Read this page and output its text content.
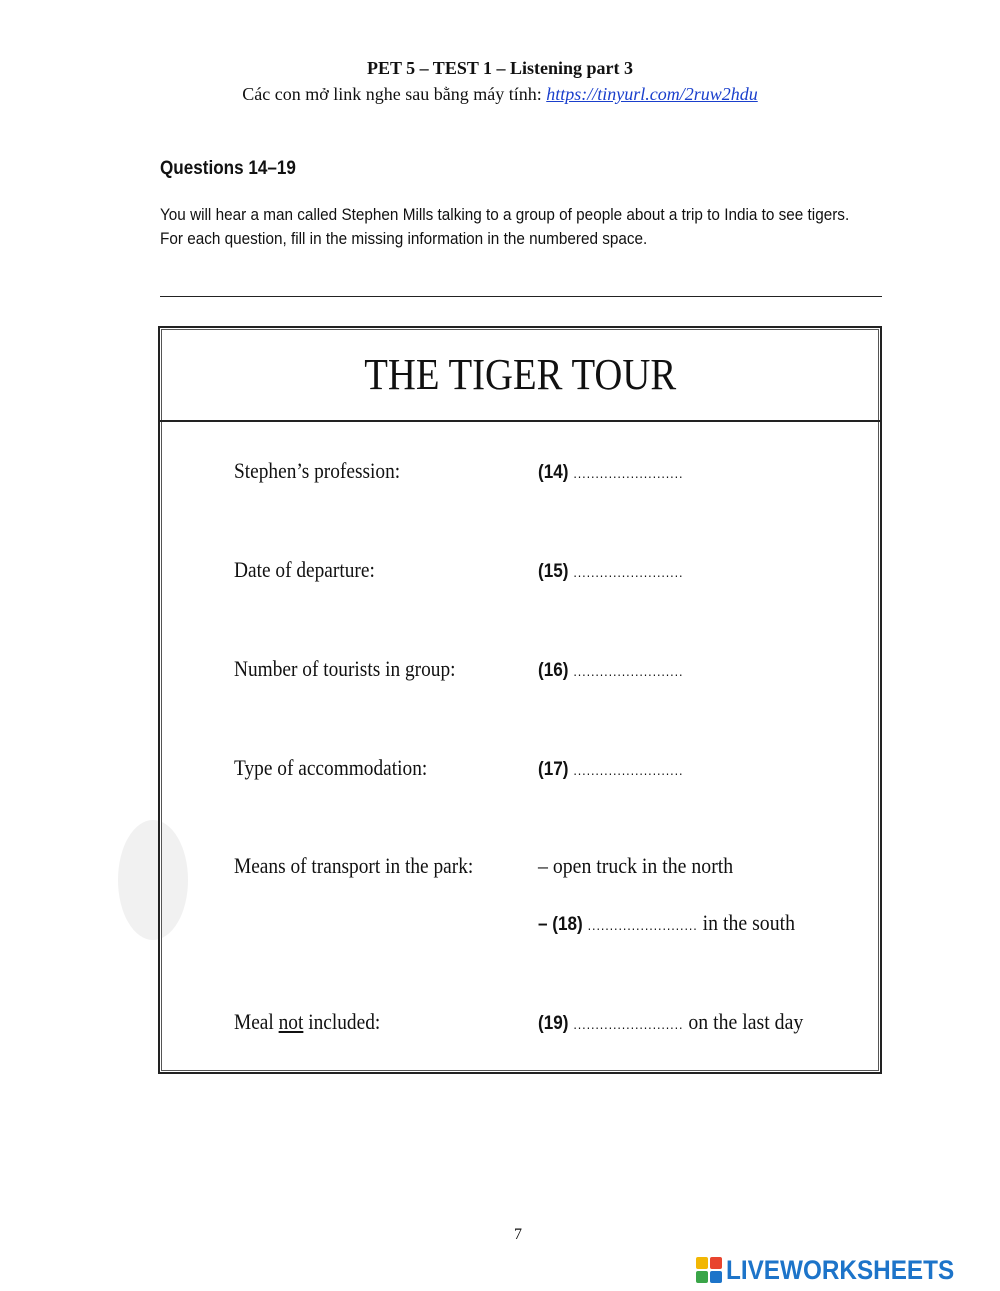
PET 5 – TEST 1 – Listening part 3
Các con mở link nghe sau bằng máy tính: https://tinyurl.com/2ruw2hdu
Questions 14–19
You will hear a man called Stephen Mills talking to a group of people about a trip to India to see tigers.
For each question, fill in the missing information in the numbered space.
THE TIGER TOUR
Stephen’s profession:	(14) .........................
Date of departure:	(15) .........................
Number of tourists in group:	(16) .........................
Type of accommodation:	(17) .........................
Means of transport in the park:	– open truck in the north
– (18) ......................... in the south
Meal not included:	(19) ......................... on the last day
7
LIVEWORKSHEETS
